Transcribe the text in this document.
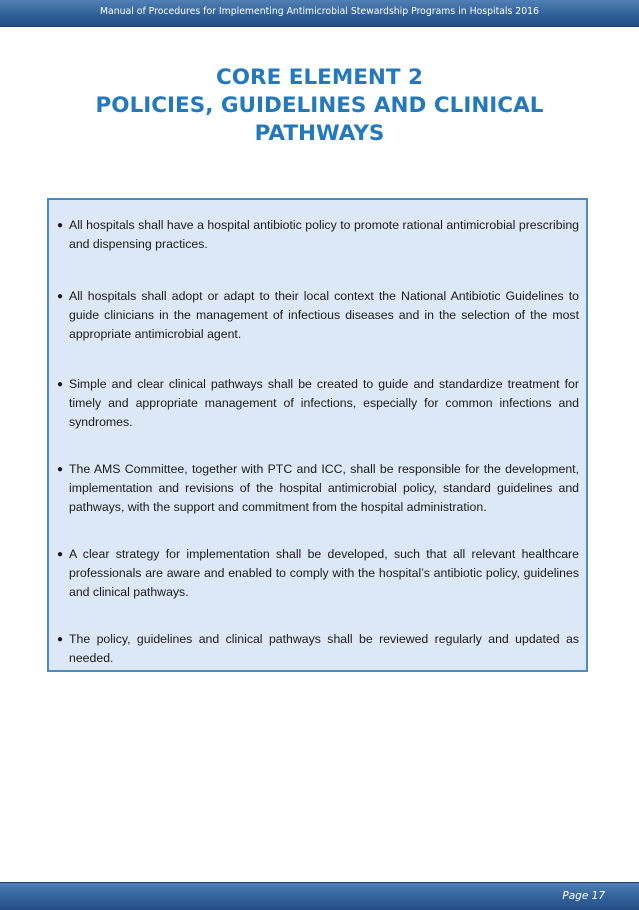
Manual of Procedures for Implementing Antimicrobial Stewardship Programs in Hospitals 2016
CORE ELEMENT 2
POLICIES, GUIDELINES AND CLINICAL
PATHWAYS
● All hospitals shall have a hospital antibiotic policy to promote rational antimicrobial prescribing and dispensing practices.
● All hospitals shall adopt or adapt to their local context the National Antibiotic Guidelines to guide clinicians in the management of infectious diseases and in the selection of the most appropriate antimicrobial agent.
● Simple and clear clinical pathways shall be created to guide and standardize treatment for timely and appropriate management of infections, especially for common infections and syndromes.
● The AMS Committee, together with PTC and ICC, shall be responsible for the development, implementation and revisions of the hospital antimicrobial policy, standard guidelines and pathways, with the support and commitment from the hospital administration.
● A clear strategy for implementation shall be developed, such that all relevant healthcare professionals are aware and enabled to comply with the hospital’s antibiotic policy, guidelines and clinical pathways.
● The policy, guidelines and clinical pathways shall be reviewed regularly and updated as needed.
Page 17
